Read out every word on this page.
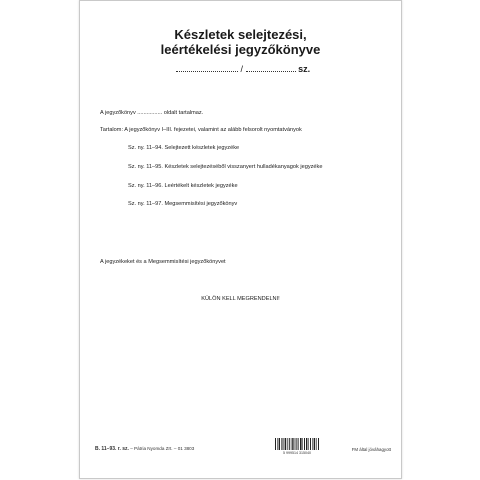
Készletek selejtezési,
leértékelési jegyzőkönyve
/	sz.
A jegyzőkönyv ................ oldalt tartalmaz.
Tartalom: A jegyzőkönyv I–III. fejezetei, valamint az alább felsorolt nyomtatványok
Sz. ny. 11–94. Selejtezett készletek jegyzéke
Sz. ny. 11–95. Készletek selejtezéséből visszanyert hulladékanyagok jegyzéke
Sz. ny. 11–96. Leértékelt készletek jegyzéke
Sz. ny. 11–97. Megsemmisítési jegyzőkönyv
A jegyzékeket és a Megsemmisítési jegyzőkönyvet
KÜLÖN KELL MEGRENDELNI!
B. 11–93. r. sz. – Pátria Nyomda Zrt. – 01 3803
5 999514 315040
FM által jóváhagyott
